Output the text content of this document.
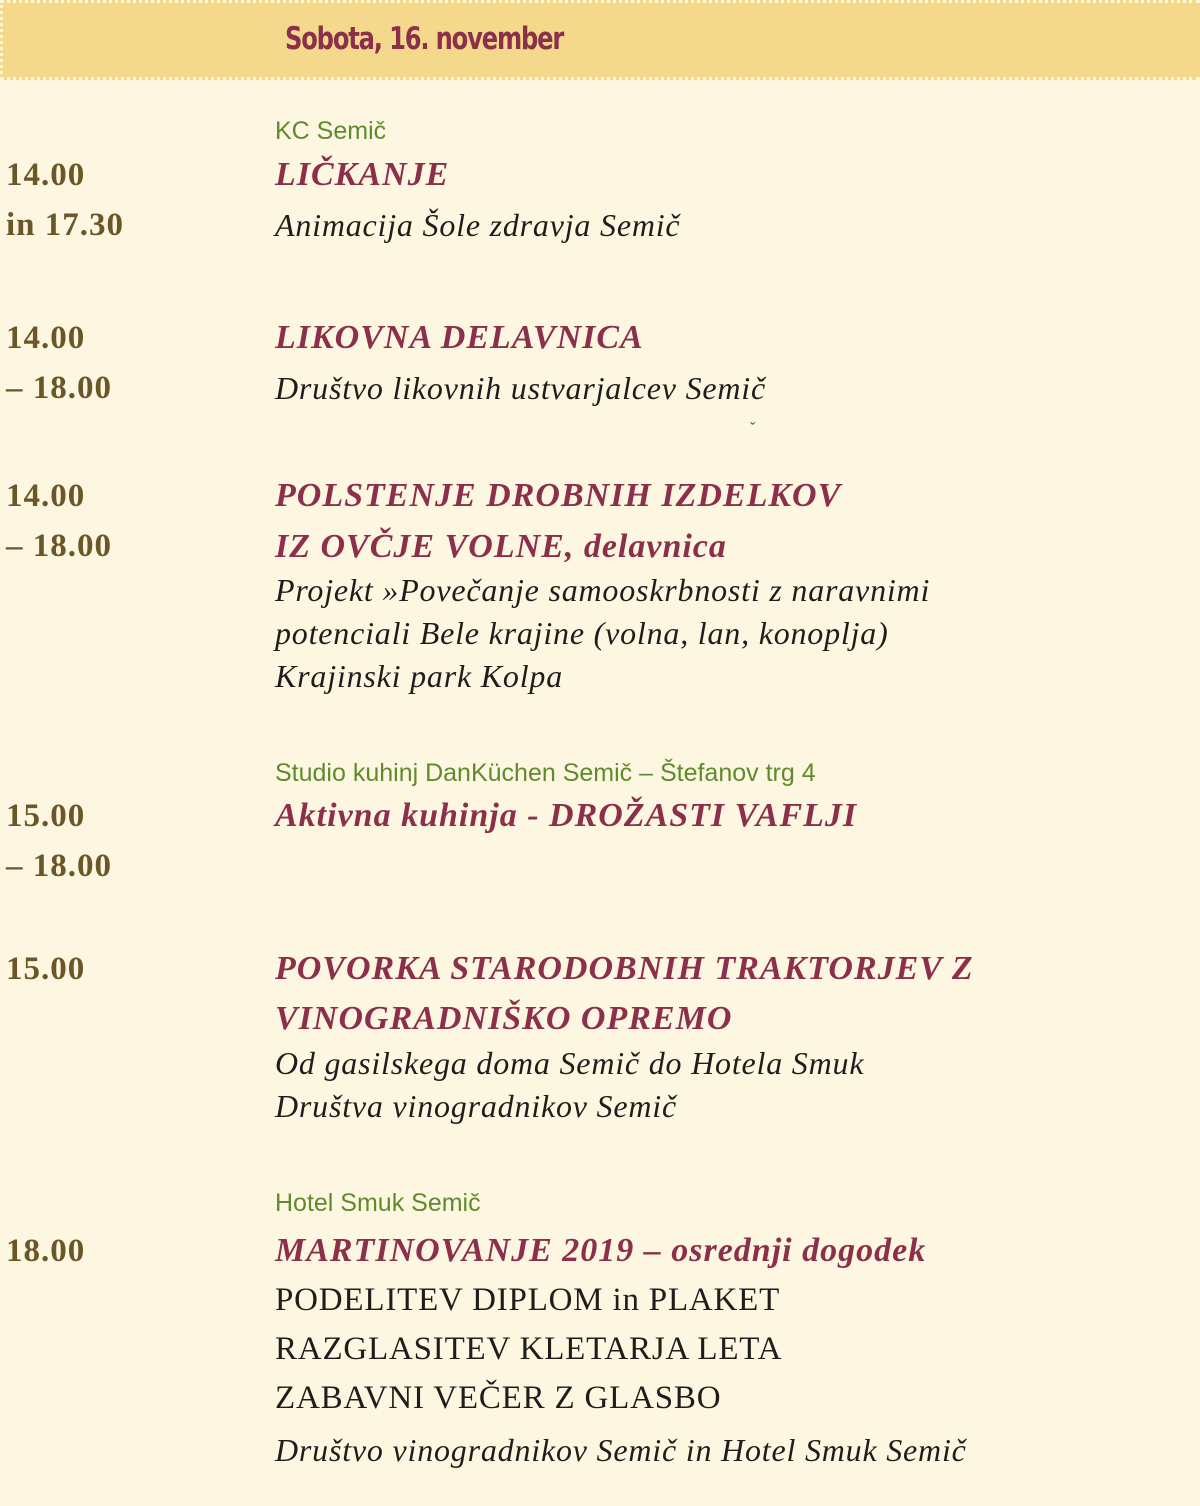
Sobota, 16. november
KC Semič
14.00
in 17.30
LIČKANJE
Animacija Šole zdravja Semič
14.00
– 18.00
LIKOVNA DELAVNICA
Društvo likovnih ustvarjalcev Semič
ˇ
14.00
– 18.00
POLSTENJE DROBNIH IZDELKOV
IZ OVČJE VOLNE, delavnica
Projekt »Povečanje samooskrbnosti z naravnimi
potenciali Bele krajine (volna, lan, konoplja)
Krajinski park Kolpa
Studio kuhinj DanKüchen Semič – Štefanov trg 4
15.00
– 18.00
Aktivna kuhinja - DROŽASTI VAFLJI
15.00	POVORKA STARODOBNIH TRAKTORJEV Z
VINOGRADNIŠKO OPREMO
Od gasilskega doma Semič do Hotela Smuk
Društva vinogradnikov Semič
Hotel Smuk Semič
18.00	MARTINOVANJE 2019 – osrednji dogodek
PODELITEV DIPLOM in PLAKET
RAZGLASITEV KLETARJA LETA
ZABAVNI VEČER Z GLASBO
Društvo vinogradnikov Semič in Hotel Smuk Semič
